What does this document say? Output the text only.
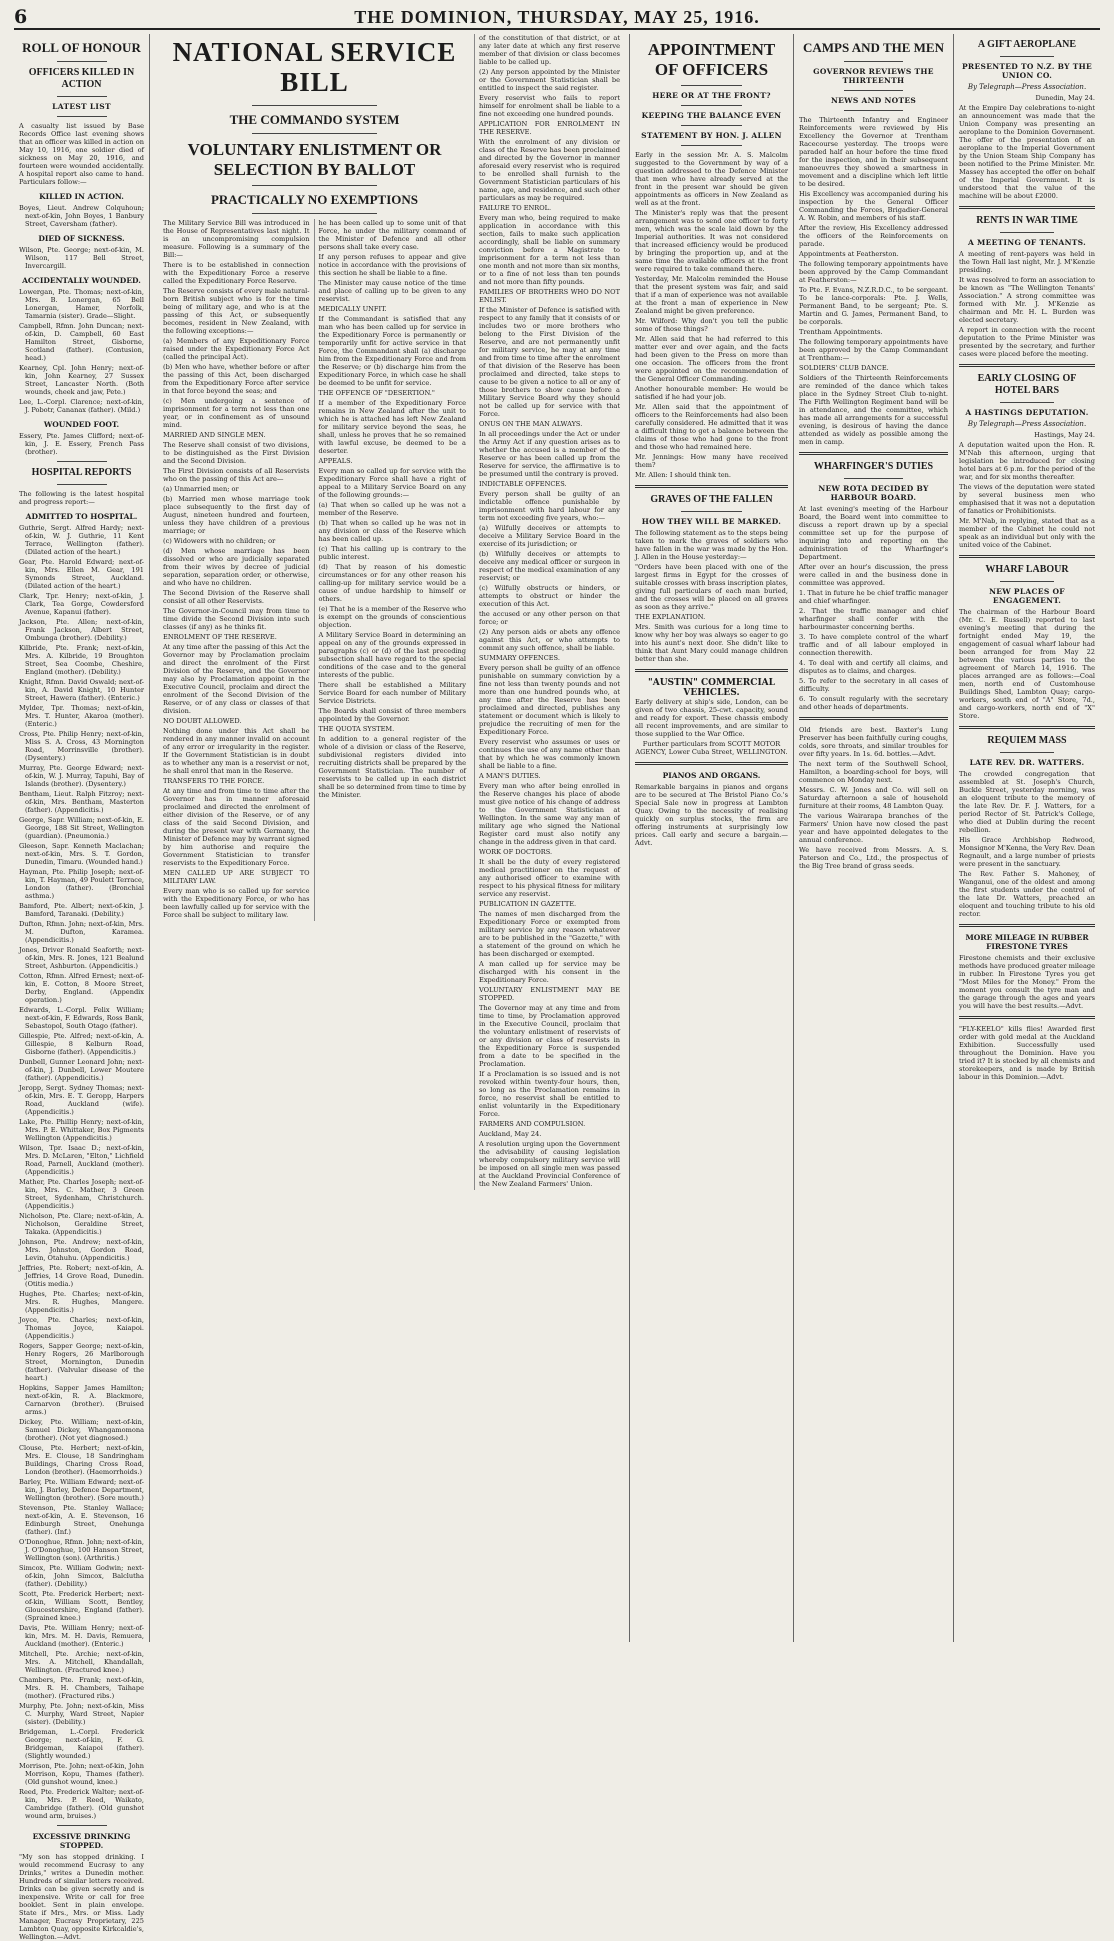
6	THE DOMINION, THURSDAY, MAY 25, 1916.
ROLL OF HONOUR
OFFICERS KILLED IN ACTION
LATEST LIST

A casualty list issued by Base Records Office last evening shows that an officer was killed in action on May 10, 1916, one soldier died of sickness on May 20, 1916, and fourteen were wounded accidentally. A hospital report also came to hand. Particulars follow:—

KILLED IN ACTION.

Boyes, Lieut. Andrew Colquhoun; next-of-kin, John Boyes, 1 Banbury Street, Caversham (father).

DIED OF SICKNESS.

Wilson, Pte. George; next-of-kin, M. Wilson, 117 Bell Street, Invercargill.

ACCIDENTALLY WOUNDED.

Lowergan, Pte. Thomas; next-of-kin, Mrs. B. Lonergan, 65 Bell Lonergan, Hamer, Norfolk, Tamarnia (sister). Grade—Slight.

Campbell, Rfmn. John Duncan; next-of-kin, D. Campbell, 60 East Hamilton Street, Gisborne, Scotland (father). (Contusion, head.)

Kearney, Cpl. John Henry; next-of-kin, John Kearney, 27 Sussex Street, Lancaster North. (Both wounds, cheek and jaw, Pete.)

Lee, L.-Corpl. Clarence; next-of-kin, J. Pobotr, Cananax (father). (Mild.)

WOUNDED FOOT.

Essery, Pte. James Clifford; next-of-kin, J. E. Essery, French Pass (brother).

HOSPITAL REPORTS

The following is the latest hospital and progress report:—

ADMITTED TO HOSPITAL.

Guthrie, Sergt. Alfred Hardy; next-of-kin, W. J. Guthrie, 11 Kent Terrace, Wellington (father). (Dilated action of the heart.)

Gear, Pte. Harold Edward; next-of-kin, Mrs. Ellen M. Gear, 191 Symonds Street, Auckland. (Dilated action of the heart.)

Clark, Tpr. Henry; next-of-kin, J. Clark, Tea Gorge, Cowdersford Avenue, Kapanui (father).

Jackson, Pte. Allen; next-of-kin, Frank Jackson, Albert Street, Ombunga (brother). (Debility.)

Kilbride, Pte. Frank; next-of-kin, Mrs. A. Kilbride, 19 Broughton Street, Sea Coombe, Cheshire, England (mother). (Debility.)

Knight, Rfmn. David Oswald; next-of-kin, A. David Knight, 10 Hunter Street, Hawera (father). (Enteric.)

Mylder, Tpr. Thomas; next-of-kin, Mrs. T. Hunter, Akaroa (mother). (Enteric.)

Cross, Pte. Philip Henry; next-of-kin, Miss S. A. Cross, 43 Mornington Road, Morrinsville (brother). (Dysentery.)

Murray, Pte. George Edward; next-of-kin, W. J. Murray, Tapuhi, Bay of Islands (brother). (Dysentery.)

Bentham, Lieut. Ralph Fitzroy; next-of-kin, Mrs. Bentham, Masterton (father). (Appendicitis.)

George, Sapr. William; next-of-kin, E. George, 188 Sit Street, Wellington (guardian). (Pneumonia.)

Gleeson, Sapr. Kenneth Maclachan; next-of-kin, Mrs. S. T. Gordon, Dunedin, Timaru. (Wounded hand.)

Hayman, Pte. Philip Joseph; next-of-kin, T. Hayman, 49 Poulett Terrace, London (father). (Bronchial asthma.)

Bamford, Pte. Albert; next-of-kin, J. Bamford, Taranaki. (Debility.)

Dufton, Rfmn. John; next-of-kin, Mrs. M. Dufton, Karamea. (Appendicitis.)

Jones, Driver Ronald Seaforth; next-of-kin, Mrs. R. Jones, 121 Bealund Street, Ashburton. (Appendicitis.)

Cotton, Rfmn. Alfred Ernest; next-of-kin, E. Cotton, 8 Moore Street, Derby, England. (Appendix operation.)

Edwards, L.-Corpl. Felix William; next-of-kin, F. Edwards, Ross Bank, Sebastopol, South Otago (father).

Gillespie, Pte. Alfred; next-of-kin, A. Gillespie, 8 Kelburn Road, Gisborne (father). (Appendicitis.)

Dunbell, Gunner Leonard John; next-of-kin, J. Dunbell, Lower Moutere (father). (Appendicitis.)

Jeropp, Sergt. Sydney Thomas; next-of-kin, Mrs. E. T. Geropp, Harpers Road, Auckland (wife). (Appendicitis.)

Lake, Pte. Phillip Henry; next-of-kin, Mrs. P. E. Whittaker, Box Pigments Wellington (Appendicitis.)

Wilson, Tpr. Isaac D.; next-of-kin, Mrs. D. McLaren, "Elton," Lichfield Road, Parnell, Auckland (mother). (Appendicitis.)

Mather, Pte. Charles Joseph; next-of-kin, Mrs. C. Mather, 3 Green Street, Sydenham, Christchurch. (Appendicitis.)

Nicholson, Pte. Clare; next-of-kin, A. Nicholson, Geraldine Street, Takaka. (Appendicitis.)

Johnson, Pte. Andrew; next-of-kin, Mrs. Johnston, Gordon Road, Levin, Otahuhu. (Appendicitis.)

Jeffries, Pte. Robert; next-of-kin, A. Jeffries, 14 Grove Road, Dunedin. (Otitis media.)

Hughes, Pte. Charles; next-of-kin, Mrs. R. Hughes, Mangere. (Appendicitis.)

Joyce, Pte. Charles; next-of-kin, Thomas Joyce, Kaiapoi. (Appendicitis.)

Rogers, Sapper George; next-of-kin, Henry Rogers, 26 Marlborough Street, Mornington, Dunedin (father). (Valvular disease of the heart.)

Hopkins, Sapper James Hamilton; next-of-kin, R. A. Blackmore, Carnarvon (brother). (Bruised arms.)

Dickey, Pte. William; next-of-kin, Samuel Dickey, Whangamomona (brother). (Not yet diagnosed.)

Clouse, Pte. Herbert; next-of-kin, Mrs. E. Clouse, 18 Sandringham Buildings, Charing Cross Road, London (brother). (Haemorrhoids.)

Barley, Pte. William Edward; next-of-kin, J. Barley, Defence Department, Wellington (brother). (Sore mouth.)

Stevenson, Pte. Stanley Wallace; next-of-kin, A. E. Stevenson, 16 Edinburgh Street, Onehunga (father). (Inf.)

O'Donoghue, Rfmn. John; next-of-kin, J. O'Donoghue, 100 Hanson Street, Wellington (son). (Arthritis.)

Simcox, Pte. William Godwin; next-of-kin, John Simcox, Balclutha (father). (Debility.)

Scott, Pte. Frederick Herbert; next-of-kin, William Scott, Bentley, Gloucestershire, England (father). (Sprained knee.)

Davis, Pte. William Henry; next-of-kin, Mrs. M. H. Davis, Remuera, Auckland (mother). (Enteric.)

Mitchell, Pte. Archie; next-of-kin, Mrs. A. Mitchell, Khandallah, Wellington. (Fractured knee.)

Chambers, Pte. Frank; next-of-kin, Mrs. R. H. Chambers, Taihape (mother). (Fractured ribs.)

Murphy, Pte. John; next-of-kin, Miss C. Murphy, Ward Street, Napier (sister). (Debility.)

Bridgeman, L.-Corpl. Frederick George; next-of-kin, F. G. Bridgeman, Kaiapoi (father). (Slightly wounded.)

Morrison, Pte. John; next-of-kin, John Morrison, Kopu, Thames (father). (Old gunshot wound, knee.)

Reed, Pte. Frederick Walter; next-of-kin, Mrs. P. Reed, Waikato, Cambridge (father). (Old gunshot wound arm, bruises.)

EXCESSIVE DRINKING STOPPED.

"My son has stopped drinking. I would recommend Eucrasy to any Drinks," writes a Dunedin mother. Hundreds of similar letters received. Drinks can be given secretly and is inexpensive. Write or call for free booklet. Sent in plain envelope. State if Mrs., Mrs. or Miss. Lady Manager, Eucrasy Proprietary, 225 Lambton Quay, opposite Kirkcaldie's, Wellington.—Advt.

NATIONAL SERVICE BILL
THE COMMANDO SYSTEM
VOLUNTARY ENLISTMENT OR SELECTION BY BALLOT
PRACTICALLY NO EXEMPTIONS

The Military Service Bill was introduced in the House of Representatives last night. It is an uncompromising compulsion measure. Following is a summary of the Bill:—

There is to be established in connection with the Expeditionary Force a reserve called the Expeditionary Force Reserve.

The Reserve consists of every male natural-born British subject who is for the time being of military age, and who is at the passing of this Act, or subsequently becomes, resident in New Zealand, with the following exceptions:—

(a) Members of any Expeditionary Force raised under the Expeditionary Force Act (called the principal Act).

(b) Men who have, whether before or after the passing of this Act, been discharged from the Expeditionary Force after service in that force beyond the seas; and

(c) Men undergoing a sentence of imprisonment for a term not less than one year, or in confinement as of unsound mind.

MARRIED AND SINGLE MEN.

The Reserve shall consist of two divisions, to be distinguished as the First Division and the Second Division.

The First Division consists of all Reservists who on the passing of this Act are—

(a) Unmarried men; or

(b) Married men whose marriage took place subsequently to the first day of August, nineteen hundred and fourteen, unless they have children of a previous marriage; or

(c) Widowers with no children; or

(d) Men whose marriage has been dissolved or who are judicially separated from their wives by decree of judicial separation, separation order, or otherwise, and who have no children.

The Second Division of the Reserve shall consist of all other Reservists.

The Governor-in-Council may from time to time divide the Second Division into such classes (if any) as he thinks fit.

ENROLMENT OF THE RESERVE.

At any time after the passing of this Act the Governor may by Proclamation proclaim and direct the enrolment of the First Division of the Reserve, and the Governor may also by Proclamation appoint in the Executive Council, proclaim and direct the enrolment of the Second Division of the Reserve, or of any class or classes of that division.

NO DOUBT ALLOWED.

Nothing done under this Act shall be rendered in any manner invalid on account of any error or irregularity in the register. If the Government Statistician is in doubt as to whether any man is a reservist or not, he shall enrol that man in the Reserve.

TRANSFERS TO THE FORCE.

At any time and from time to time after the Governor has in manner aforesaid proclaimed and directed the enrolment of either division of the Reserve, or of any class of the said Second Division, and during the present war with Germany, the Minister of Defence may by warrant signed by him authorise and require the Government Statistician to transfer reservists to the Expeditionary Force.

MEN CALLED UP ARE SUBJECT TO MILITARY LAW.

Every man who is so called up for service with the Expeditionary Force, or who has been lawfully called up for service with the Force shall be subject to military law.

he has been called up to some unit of that Force, he under the military command of the Minister of Defence and all other persons shall take every case.

If any person refuses to appear and give notice in accordance with the provisions of this section he shall be liable to a fine.

The Minister may cause notice of the time and place of calling up to be given to any reservist.

MEDICALLY UNFIT.

If the Commandant is satisfied that any man who has been called up for service in the Expeditionary Force is permanently or temporarily unfit for active service in that Force, the Commandant shall (a) discharge him from the Expeditionary Force and from the Reserve; or (b) discharge him from the Expeditionary Force, in which case he shall be deemed to be unfit for service.

THE OFFENCE OF "DESERTION."

If a member of the Expeditionary Force remains in New Zealand after the unit to which he is attached has left New Zealand for military service beyond the seas, he shall, unless he proves that he so remained with lawful excuse, be deemed to be a deserter.

APPEALS.

Every man so called up for service with the Expeditionary Force shall have a right of appeal to a Military Service Board on any of the following grounds:—

(a) That when so called up he was not a member of the Reserve.

(b) That when so called up he was not in any division or class of the Reserve which has been called up.

(c) That his calling up is contrary to the public interest.

(d) That by reason of his domestic circumstances or for any other reason his calling-up for military service would be a cause of undue hardship to himself or others.

(e) That he is a member of the Reserve who is exempt on the grounds of conscientious objection.

A Military Service Board in determining an appeal on any of the grounds expressed in paragraphs (c) or (d) of the last preceding subsection shall have regard to the special conditions of the case and to the general interests of the public.

There shall be established a Military Service Board for each number of Military Service Districts.

The Boards shall consist of three members appointed by the Governor.

THE QUOTA SYSTEM.

In addition to a general register of the whole of a division or class of the Reserve, subdivisional registers divided into recruiting districts shall be prepared by the Government Statistician. The number of reservists to be called up in each district shall be so determined from time to time by the Minister.

of the constitution of that district, or at any later date at which any first reserve member of that division or class becomes liable to be called up.

(2) Any person appointed by the Minister or the Government Statistician shall be entitled to inspect the said register.

Every reservist who fails to report himself for enrolment shall be liable to a fine not exceeding one hundred pounds.

APPLICATION FOR ENROLMENT IN THE RESERVE.

With the enrolment of any division or class of the Reserve has been proclaimed and directed by the Governor in manner aforesaid every reservist who is required to be enrolled shall furnish to the Government Statistician particulars of his name, age, and residence, and such other particulars as may be required.

FAILURE TO ENROL.

Every man who, being required to make application in accordance with this section, fails to make such application accordingly, shall be liable on summary conviction before a Magistrate to imprisonment for a term not less than one month and not more than six months, or to a fine of not less than ten pounds and not more than fifty pounds.

FAMILIES OF BROTHERS WHO DO NOT ENLIST.

If the Minister of Defence is satisfied with respect to any family that it consists of or includes two or more brothers who belong to the First Division of the Reserve, and are not permanently unfit for military service, he may at any time and from time to time after the enrolment of that division of the Reserve has been proclaimed and directed, take steps to cause to be given a notice to all or any of those brothers to show cause before a Military Service Board why they should not be called up for service with that Force.

ONUS ON THE MAN ALWAYS.

In all proceedings under the Act or under the Army Act if any question arises as to whether the accused is a member of the Reserve or has been called up from the Reserve for service, the affirmative is to be presumed until the contrary is proved.

INDICTABLE OFFENCES.

Every person shall be guilty of an indictable offence punishable by imprisonment with hard labour for any term not exceeding five years, who:—

(a) Wilfully deceives or attempts to deceive a Military Service Board in the exercise of its jurisdiction; or

(b) Wilfully deceives or attempts to deceive any medical officer or surgeon in respect of the medical examination of any reservist; or

(c) Wilfully obstructs or hinders, or attempts to obstruct or hinder the execution of this Act.

the accused or any other person on that force; or

(2) Any person aids or abets any offence against this Act, or who attempts to commit any such offence, shall be liable.

SUMMARY OFFENCES.

Every person shall be guilty of an offence punishable on summary conviction by a fine not less than twenty pounds and not more than one hundred pounds who, at any time after the Reserve has been proclaimed and directed, publishes any statement or document which is likely to prejudice the recruiting of men for the Expeditionary Force.

Every reservist who assumes or uses or continues the use of any name other than that by which he was commonly known shall be liable to a fine.

A MAN'S DUTIES.

Every man who after being enrolled in the Reserve changes his place of abode must give notice of his change of address to the Government Statistician at Wellington. In the same way any man of military age who signed the National Register card must also notify any change in the address given in that card.

WORK OF DOCTORS.

It shall be the duty of every registered medical practitioner on the request of any authorised officer to examine with respect to his physical fitness for military service any reservist.

PUBLICATION IN GAZETTE.

The names of men discharged from the Expeditionary Force or exempted from military service by any reason whatever are to be published in the "Gazette," with a statement of the ground on which he has been discharged or exempted.

A man called up for service may be discharged with his consent in the Expeditionary Force.

VOLUNTARY ENLISTMENT MAY BE STOPPED.

The Governor may at any time and from time to time, by Proclamation approved in the Executive Council, proclaim that the voluntary enlistment of reservists of or any division or class of reservists in the Expeditionary Force is suspended from a date to be specified in the Proclamation.

If a Proclamation is so issued and is not revoked within twenty-four hours, then, so long as the Proclamation remains in force, no reservist shall be entitled to enlist voluntarily in the Expeditionary Force.

FARMERS AND COMPULSION.

Auckland, May 24.

A resolution urging upon the Government the advisability of causing legislation whereby compulsory military service will be imposed on all single men was passed at the Auckland Provincial Conference of the New Zealand Farmers' Union.

APPOINTMENT OF OFFICERS
HERE OR AT THE FRONT?
KEEPING THE BALANCE EVEN
STATEMENT BY HON. J. ALLEN

Early in the session Mr. A. S. Malcolm suggested to the Government by way of a question addressed to the Defence Minister that men who have already served at the front in the present war should be given appointments as officers in New Zealand as well as at the front.

The Minister's reply was that the present arrangement was to send one officer to forty men, which was the scale laid down by the Imperial authorities. It was not considered that increased efficiency would be produced by bringing the proportion up, and at the same time the available officers at the front were required to take command there.

Yesterday, Mr. Malcolm reminded the House that the present system was fair, and said that if a man of experience was not available at the front a man of experience in New Zealand might be given preference.

Mr. Wilford: Why don't you tell the public some of those things?

Mr. Allen said that he had referred to this matter ever and over again, and the facts had been given to the Press on more than one occasion. The officers from the front were appointed on the recommendation of the General Officer Commanding.

Another honourable member: He would be satisfied if he had your job.

Mr. Allen said that the appointment of officers to the Reinforcements had also been carefully considered. He admitted that it was a difficult thing to get a balance between the claims of those who had gone to the front and those who had remained here.

Mr. Jennings: How many have received them?

Mr. Allen: I should think ten.

GRAVES OF THE FALLEN
HOW THEY WILL BE MARKED.

The following statement as to the steps being taken to mark the graves of soldiers who have fallen in the war was made by the Hon. J. Allen in the House yesterday:—

"Orders have been placed with one of the largest firms in Egypt for the crosses of suitable crosses with brass inscription plates, giving full particulars of each man buried, and the crosses will be placed on all graves as soon as they arrive."

THE EXPLANATION.

Mrs. Smith was curious for a long time to know why her boy was always so eager to go into his aunt's next door. She didn't like to think that Aunt Mary could manage children better than she.

"AUSTIN" COMMERCIAL VEHICLES.

Early delivery at ship's side, London, can be given of two chassis, 25-cwt. capacity, sound and ready for export. These chassis embody all recent improvements, and are similar to those supplied to the War Office.

Further particulars from SCOTT MOTOR AGENCY, Lower Cuba Street, WELLINGTON.

PIANOS AND ORGANS.

Remarkable bargains in pianos and organs are to be secured at The Bristol Piano Co.'s Special Sale now in progress at Lambton Quay. Owing to the necessity of realising quickly on surplus stocks, the firm are offering instruments at surprisingly low prices. Call early and secure a bargain.—Advt.

CAMPS AND THE MEN
GOVERNOR REVIEWS THE THIRTEENTH
NEWS AND NOTES

The Thirteenth Infantry and Engineer Reinforcements were reviewed by His Excellency the Governor at Trentham Racecourse yesterday. The troops were paraded half an hour before the time fixed for the inspection, and in their subsequent manoeuvres they showed a smartness in movement and a discipline which left little to be desired.

His Excellency was accompanied during his inspection by the General Officer Commanding the Forces, Brigadier-General A. W. Robin, and members of his staff.

After the review, His Excellency addressed the officers of the Reinforcements on parade.

Appointments at Featherston.

The following temporary appointments have been approved by the Camp Commandant at Featherston:—

To Pte. F. Evans, N.Z.R.D.C., to be sergeant. To be lance-corporals: Pte. J. Wells, Permanent Band, to be sergeant; Pte. S. Martin and G. James, Permanent Band, to be corporals.

Trentham Appointments.

The following temporary appointments have been approved by the Camp Commandant at Trentham:—

SOLDIERS' CLUB DANCE.

Soldiers of the Thirteenth Reinforcements are reminded of the dance which takes place in the Sydney Street Club to-night. The Fifth Wellington Regiment band will be in attendance, and the committee, which has made all arrangements for a successful evening, is desirous of having the dance attended as widely as possible among the men in camp.

WHARFINGER'S DUTIES
NEW ROTA DECIDED BY HARBOUR BOARD.

At last evening's meeting of the Harbour Board, the Board went into committee to discuss a report drawn up by a special committee set up for the purpose of inquiring into and reporting on the administration of the Wharfinger's Department.

After over an hour's discussion, the press were called in and the business done in committee was approved.

1. That in future he be chief traffic manager and chief wharfinger.

2. That the traffic manager and chief wharfinger shall confer with the harbourmaster concerning berths.

3. To have complete control of the wharf traffic and of all labour employed in connection therewith.

4. To deal with and certify all claims, and disputes as to claims, and charges.

5. To refer to the secretary in all cases of difficulty.

6. To consult regularly with the secretary and other heads of departments.

Old friends are best. Baxter's Lung Preserver has been faithfully curing coughs, colds, sore throats, and similar troubles for over fifty years. In 1s. 6d. bottles.—Advt.

The next term of the Southwell School, Hamilton, a boarding-school for boys, will commence on Monday next.

Messrs. C. W. Jones and Co. will sell on Saturday afternoon a sale of household furniture at their rooms, 48 Lambton Quay.

The various Wairarapa branches of the Farmers' Union have now closed the past year and have appointed delegates to the annual conference.

We have received from Messrs. A. S. Paterson and Co., Ltd., the prospectus of the Big Tree brand of grass seeds.

A GIFT AEROPLANE
PRESENTED TO N.Z. BY THE UNION CO.
By Telegraph—Press Association.

Dunedin, May 24.

At the Empire Day celebrations to-night an announcement was made that the Union Company was presenting an aeroplane to the Dominion Government. The offer of the presentation of an aeroplane to the Imperial Government by the Union Steam Ship Company has been notified to the Prime Minister. Mr. Massey has accepted the offer on behalf of the Imperial Government. It is understood that the value of the machine will be about £2000.

RENTS IN WAR TIME
A MEETING OF TENANTS.

A meeting of rent-payers was held in the Town Hall last night, Mr. J. M'Kenzie presiding.

It was resolved to form an association to be known as "The Wellington Tenants' Association." A strong committee was formed with Mr. J. M'Kenzie as chairman and Mr. H. L. Burden was elected secretary.

A report in connection with the recent deputation to the Prime Minister was presented by the secretary, and further cases were placed before the meeting.

EARLY CLOSING OF HOTEL BARS
A HASTINGS DEPUTATION.
By Telegraph—Press Association.

Hastings, May 24.

A deputation waited upon the Hon. R. M'Nab this afternoon, urging that legislation be introduced for closing hotel bars at 6 p.m. for the period of the war, and for six months thereafter.

The views of the deputation were stated by several business men who emphasised that it was not a deputation of fanatics or Prohibitionists.

Mr. M'Nab, in replying, stated that as a member of the Cabinet he could not speak as an individual but only with the united voice of the Cabinet.

WHARF LABOUR
NEW PLACES OF ENGAGEMENT.

The chairman of the Harbour Board (Mr. C. E. Russell) reported to last evening's meeting that during the fortnight ended May 19, the engagement of casual wharf labour had been arranged for from May 22 between the various parties to the agreement of March 14, 1916. The places arranged are as follows:—Coal men, north end of Customhouse Buildings Shed, Lambton Quay; cargo-workers, south end of "A" Store, 7d., and cargo-workers, north end of "X" Store.

REQUIEM MASS
LATE REV. DR. WATTERS.

The crowded congregation that assembled at St. Joseph's Church, Buckle Street, yesterday morning, was an eloquent tribute to the memory of the late Rev. Dr. F. J. Watters, for a period Rector of St. Patrick's College, who died at Dublin during the recent rebellion.

His Grace Archbishop Redwood, Monsignor M'Kenna, the Very Rev. Dean Regnault, and a large number of priests were present in the sanctuary.

The Rev. Father S. Mahoney, of Wanganui, one of the oldest and among the first students under the control of the late Dr. Watters, preached an eloquent and touching tribute to his old rector.

MORE MILEAGE IN RUBBER FIRESTONE TYRES

Firestone chemists and their exclusive methods have produced greater mileage in rubber. In Firestone Tyres you get "Most Miles for the Money." From the moment you consult the tyre man and the garage through the ages and years you will have the best results.—Advt.

"FLY-KEELO" kills flies! Awarded first order with gold medal at the Auckland Exhibition. Successfully used throughout the Dominion. Have you tried it? It is stocked by all chemists and storekeepers, and is made by British labour in this Dominion.—Advt.
